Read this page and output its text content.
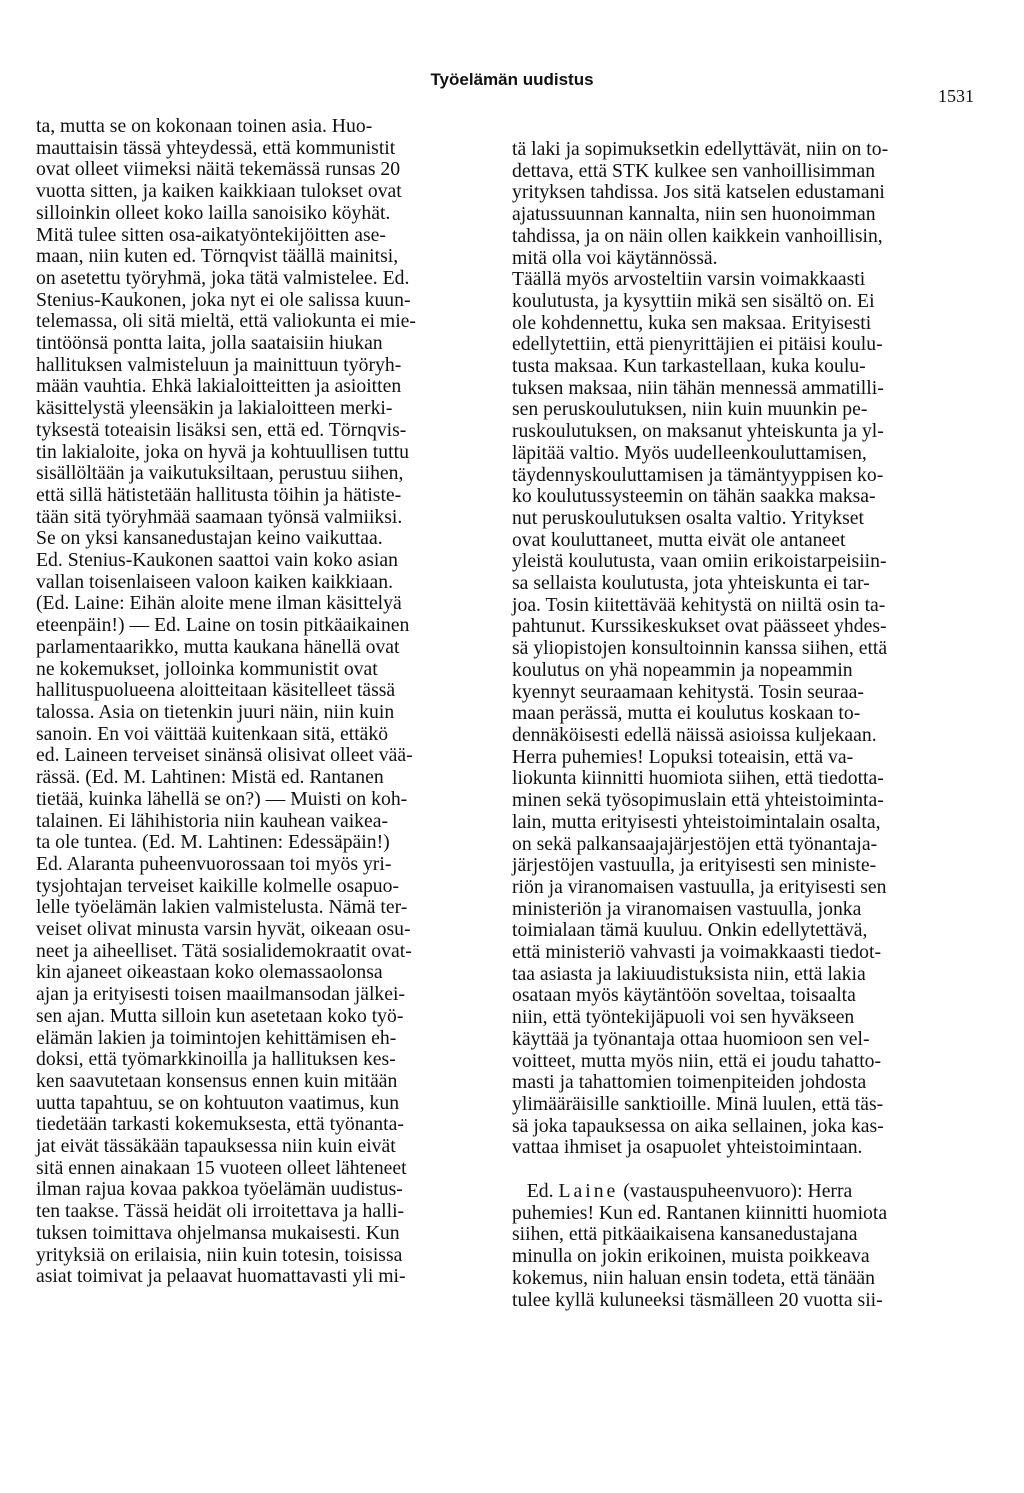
Työelämän uudistus
1531
ta, mutta se on kokonaan toinen asia. Huo-
mauttaisin tässä yhteydessä, että kommunistit
ovat olleet viimeksi näitä tekemässä runsas 20
vuotta sitten, ja kaiken kaikkiaan tulokset ovat
silloinkin olleet koko lailla sanoisiko köyhät.
Mitä tulee sitten osa-aikatyöntekijöitten ase-
maan, niin kuten ed. Törnqvist täällä mainitsi,
on asetettu työryhmä, joka tätä valmistelee. Ed.
Stenius-Kaukonen, joka nyt ei ole salissa kuun-
telemassa, oli sitä mieltä, että valiokunta ei mie-
tintöönsä pontta laita, jolla saataisiin hiukan
hallituksen valmisteluun ja mainittuun työryh-
mään vauhtia. Ehkä lakialoitteitten ja asioitten
käsittelystä yleensäkin ja lakialoitteen merki-
tyksestä toteaisin lisäksi sen, että ed. Törnqvis-
tin lakialoite, joka on hyvä ja kohtuullisen tuttu
sisällöltään ja vaikutuksiltaan, perustuu siihen,
että sillä hätistetään hallitusta töihin ja hätiste-
tään sitä työryhmää saamaan työnsä valmiiksi.
Se on yksi kansanedustajan keino vaikuttaa.
Ed. Stenius-Kaukonen saattoi vain koko asian
vallan toisenlaiseen valoon kaiken kaikkiaan.
(Ed. Laine: Eihän aloite mene ilman käsittelyä
eteenpäin!) — Ed. Laine on tosin pitkäaikainen
parlamentaarikko, mutta kaukana hänellä ovat
ne kokemukset, jolloinka kommunistit ovat
hallituspuolueena aloitteitaan käsitelleet tässä
talossa. Asia on tietenkin juuri näin, niin kuin
sanoin. En voi väittää kuitenkaan sitä, ettäkö
ed. Laineen terveiset sinänsä olisivat olleet vää-
rässä. (Ed. M. Lahtinen: Mistä ed. Rantanen
tietää, kuinka lähellä se on?) — Muisti on koh-
talainen. Ei lähihistoria niin kauhean vaikea-
ta ole tuntea. (Ed. M. Lahtinen: Edessäpäin!)
Ed. Alaranta puheenvuorossaan toi myös yri-
tysjohtajan terveiset kaikille kolmelle osapuo-
lelle työelämän lakien valmistelusta. Nämä ter-
veiset olivat minusta varsin hyvät, oikeaan osu-
neet ja aiheelliset. Tätä sosialidemokraatit ovat-
kin ajaneet oikeastaan koko olemassaolonsa
ajan ja erityisesti toisen maailmansodan jälkei-
sen ajan. Mutta silloin kun asetetaan koko työ-
elämän lakien ja toimintojen kehittämisen eh-
doksi, että työmarkkinoilla ja hallituksen kes-
ken saavutetaan konsensus ennen kuin mitään
uutta tapahtuu, se on kohtuuton vaatimus, kun
tiedetään tarkasti kokemuksesta, että työnanta-
jat eivät tässäkään tapauksessa niin kuin eivät
sitä ennen ainakaan 15 vuoteen olleet lähteneet
ilman rajua kovaa pakkoa työelämän uudistus-
ten taakse. Tässä heidät oli irroitettava ja halli-
tuksen toimittava ohjelmansa mukaisesti. Kun
yrityksiä on erilaisia, niin kuin totesin, toisissa
asiat toimivat ja pelaavat huomattavasti yli mi-
tä laki ja sopimuksetkin edellyttävät, niin on to-
dettava, että STK kulkee sen vanhoillisimman
yrityksen tahdissa. Jos sitä katselen edustamani
ajatussuunnan kannalta, niin sen huonoimman
tahdissa, ja on näin ollen kaikkein vanhoillisin,
mitä olla voi käytännössä.
Täällä myös arvosteltiin varsin voimakkaasti
koulutusta, ja kysyttiin mikä sen sisältö on. Ei
ole kohdennettu, kuka sen maksaa. Erityisesti
edellytettiin, että pienyrittäjien ei pitäisi koulu-
tusta maksaa. Kun tarkastellaan, kuka koulu-
tuksen maksaa, niin tähän mennessä ammatilli-
sen peruskoulutuksen, niin kuin muunkin pe-
ruskoulutuksen, on maksanut yhteiskunta ja yl-
läpitää valtio. Myös uudelleenkouluttamisen,
täydennyskouluttamisen ja tämäntyyppisen ko-
ko koulutussysteemin on tähän saakka maksa-
nut peruskoulutuksen osalta valtio. Yritykset
ovat kouluttaneet, mutta eivät ole antaneet
yleistä koulutusta, vaan omiin erikoistarpeisiin-
sa sellaista koulutusta, jota yhteiskunta ei tar-
joa. Tosin kiitettävää kehitystä on niiltä osin ta-
pahtunut. Kurssikeskukset ovat päässeet yhdes-
sä yliopistojen konsultoinnin kanssa siihen, että
koulutus on yhä nopeammin ja nopeammin
kyennyt seuraamaan kehitystä. Tosin seuraa-
maan perässä, mutta ei koulutus koskaan to-
dennäköisesti edellä näissä asioissa kuljekaan.
Herra puhemies! Lopuksi toteaisin, että va-
liokunta kiinnitti huomiota siihen, että tiedotta-
minen sekä työsopimuslain että yhteistoiminta-
lain, mutta erityisesti yhteistoimintalain osalta,
on sekä palkansaajajärjestöjen että työnantaja-
järjestöjen vastuulla, ja erityisesti sen ministe-
riön ja viranomaisen vastuulla, ja erityisesti sen
ministeriön ja viranomaisen vastuulla, jonka
toimialaan tämä kuuluu. Onkin edellytettävä,
että ministeriö vahvasti ja voimakkaasti tiedot-
taa asiasta ja lakiuudistuksista niin, että lakia
osataan myös käytäntöön soveltaa, toisaalta
niin, että työntekijäpuoli voi sen hyväkseen
käyttää ja työnantaja ottaa huomioon sen vel-
voitteet, mutta myös niin, että ei joudu tahatto-
masti ja tahattomien toimenpiteiden johdosta
ylimääräisille sanktioille. Minä luulen, että täs-
sä joka tapauksessa on aika sellainen, joka kas-
vattaa ihmiset ja osapuolet yhteistoimintaan.
Ed. Laine (vastauspuheenvuoro): Herra
puhemies! Kun ed. Rantanen kiinnitti huomiota
siihen, että pitkäaikaisena kansanedustajana
minulla on jokin erikoinen, muista poikkeava
kokemus, niin haluan ensin todeta, että tänään
tulee kyllä kuluneeksi täsmälleen 20 vuotta sii-
